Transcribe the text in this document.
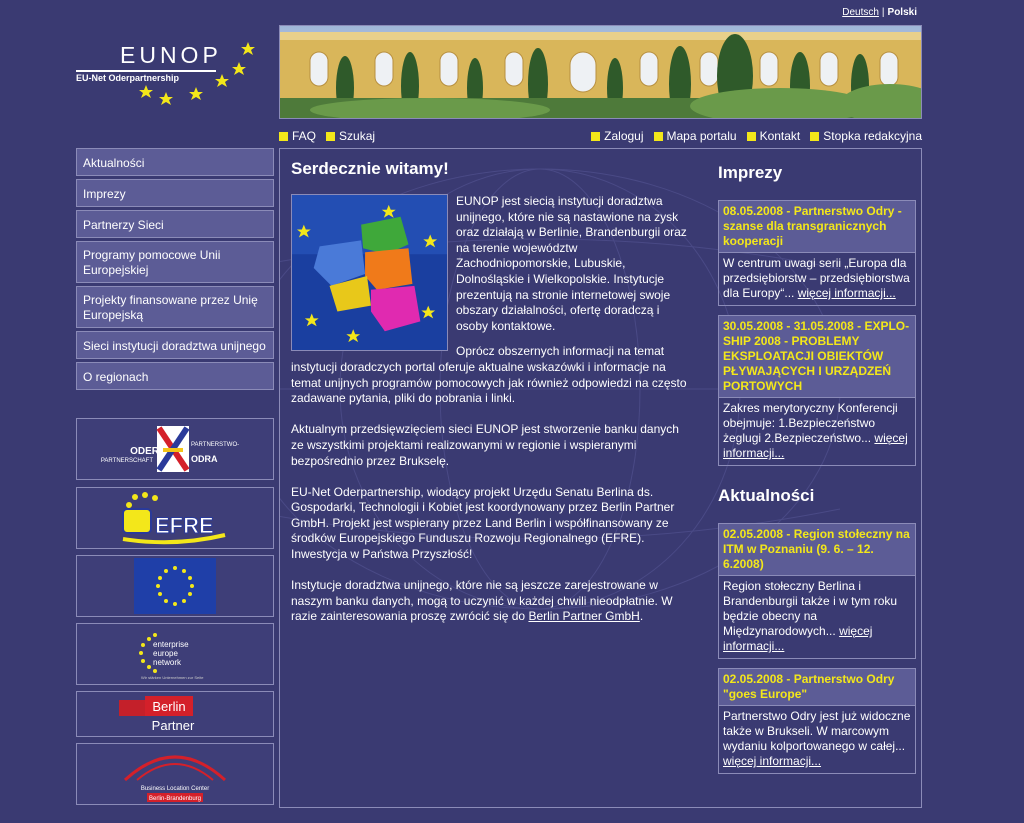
Deutsch | Polski
EUNOP
EU-Net Oderpartnership
FAQ Szukaj	Zaloguj Mapa portalu Kontakt Stopka redakcyjna
Aktualności
Imprezy
Partnerzy Sieci
Programy pomocowe Unii Europejskiej
Projekty finansowane przez Unię Europejską
Sieci instytucji doradztwa unijnego
O regionach
ODER
PARTNERSCHAFT
PARTNERSTWO-
ODRA
EFRE
enterprise
europe
network
Wir stärken Unternehmen zur Seite
Berlin
Partner
Business Location Center
Berlin-Brandenburg
Serdecznie witamy!

EUNOP jest siecią instytucji doradztwa unijnego, które nie są nastawione na zysk oraz działają w Berlinie, Brandenburgii oraz na terenie województw Zachodniopomorskie, Lubuskie, Dolnośląskie i Wielkopolskie. Instytucje prezentują na stronie internetowej swoje obszary działalności, ofertę doradczą i osoby kontaktowe.

Oprócz obszernych informacji na temat instytucji doradczych portal oferuje aktualne wskazówki i informacje na temat unijnych programów pomocowych jak również odpowiedzi na często zadawane pytania, pliki do pobrania i linki.

Aktualnym przedsięwzięciem sieci EUNOP jest stworzenie banku danych ze wszystkimi projektami realizowanymi w regionie i wspieranymi bezpośrednio przez Brukselę.

EU-Net Oderpartnership, wiodący projekt Urzędu Senatu Berlina ds. Gospodarki, Technologii i Kobiet jest koordynowany przez Berlin Partner GmbH. Projekt jest wspierany przez Land Berlin i współfinansowany ze środków Europejskiego Funduszu Rozwoju Regionalnego (EFRE). Inwestycja w Państwa Przyszłość!

Instytucje doradztwa unijnego, które nie są jeszcze zarejestrowane w naszym banku danych, mogą to uczynić w każdej chwili nieodpłatnie. W razie zainteresowania proszę zwrócić się do Berlin Partner GmbH.

Imprezy
08.05.2008 - Partnerstwo Odry - szanse dla transgranicznych kooperacji
W centrum uwagi serii „Europa dla przedsiębiorstw – przedsiębiorstwa dla Europy“... więcej informacji...
30.05.2008 - 31.05.2008 - EXPLO-SHIP 2008 - PROBLEMY EKSPLOATACJI OBIEKTÓW PŁYWAJĄCYCH I URZĄDZEŃ PORTOWYCH
Zakres merytoryczny Konferencji obejmuje: 1.Bezpieczeństwo żeglugi 2.Bezpieczeństwo... więcej informacji...
Aktualności
02.05.2008 - Region stołeczny na ITM w Poznaniu (9. 6. – 12. 6.2008)
Region stołeczny Berlina i Brandenburgii także i w tym roku będzie obecny na Międzynarodowych... więcej informacji...
02.05.2008 - Partnerstwo Odry "goes Europe"
Partnerstwo Odry jest już widoczne także w Brukseli. W marcowym wydaniu kolportowanego w całej... więcej informacji...
